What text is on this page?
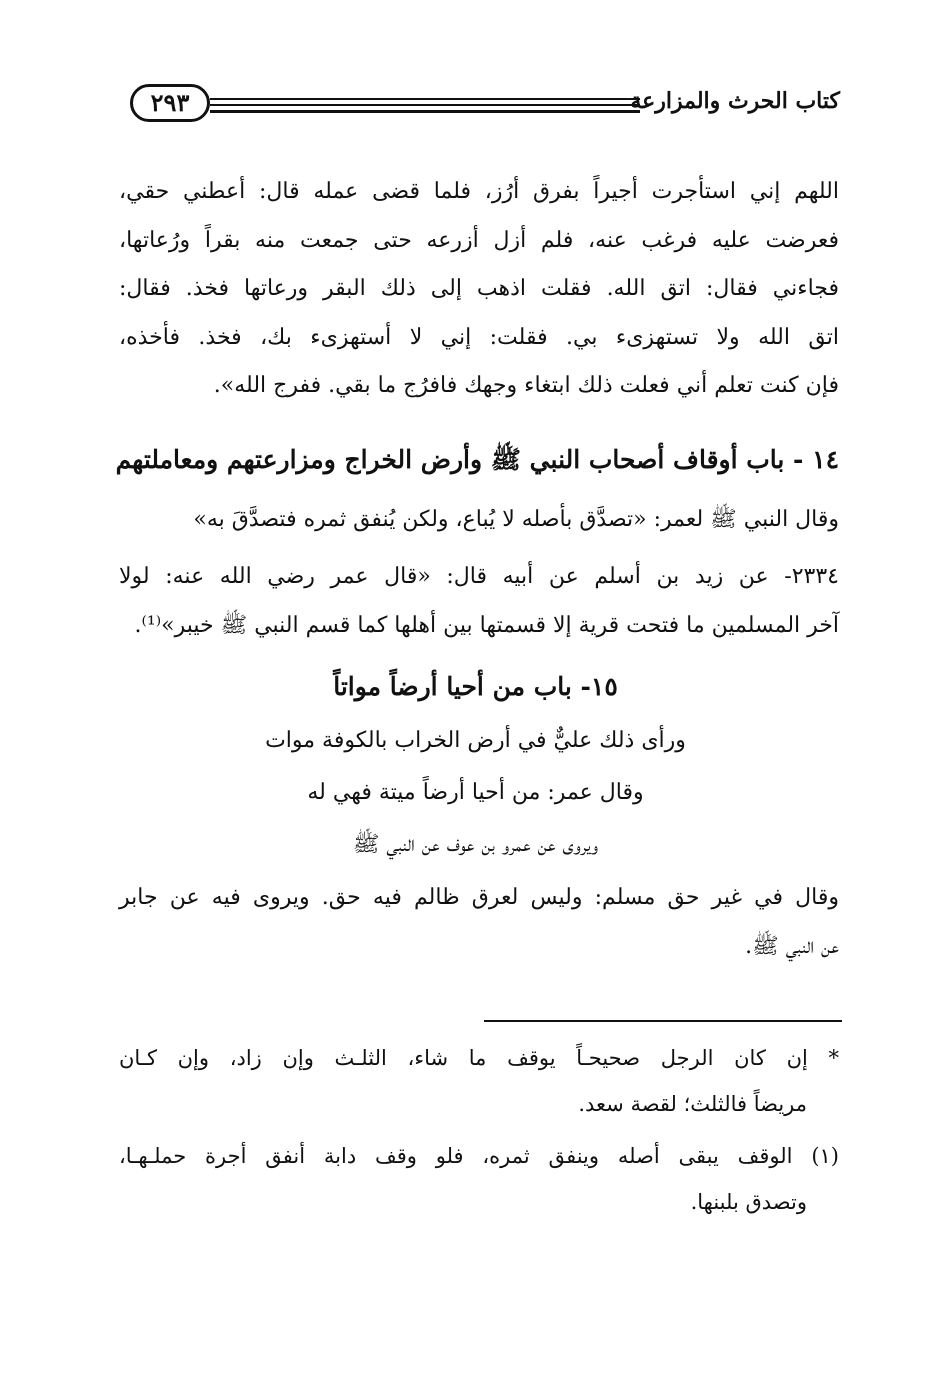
كتاب الحرث والمزارعة
٢٩٣
اللهم إني استأجرت أجيراً بفرق أرُز، فلما قضى عمله قال: أعطني حقي،
فعرضت عليه فرغب عنه، فلم أزل أزرعه حتى جمعت منه بقراً ورُعاتها،
فجاءني فقال: اتق الله. فقلت اذهب إلى ذلك البقر ورعاتها فخذ. فقال:
اتق الله ولا تستهزىء بي. فقلت: إني لا أستهزىء بك، فخذ. فأخذه،
فإن كنت تعلم أني فعلت ذلك ابتغاء وجهك فافرُج ما بقي. ففرج الله».
١٤ - باب أوقاف أصحاب النبي ﷺ وأرض الخراج ومزارعتهم ومعاملتهم
وقال النبي ﷺ لعمر: «تصدَّق بأصله لا يُباع، ولكن يُنفق ثمره فتصدَّقَ به»
٢٣٣٤- عن زيد بن أسلم عن أبيه قال: «قال عمر رضي الله عنه: لولا
آخر المسلمين ما فتحت قرية إلا قسمتها بين أهلها كما قسم النبي ﷺ خيبر»⁽¹⁾.
١٥- باب من أحيا أرضاً مواتاً
ورأى ذلك عليٌّ في أرض الخراب بالكوفة موات
وقال عمر: من أحيا أرضاً ميتة فهي له
ويروى عن عمرو بن عوف عن النبي ﷺ
وقال في غير حق مسلم: وليس لعرق ظالم فيه حق. ويروى فيه عن جابر
عن النبي ﷺ.
* إن كان الرجل صحيحـاً يوقف ما شاء، الثلـث وإن زاد، وإن كـان
مريضاً فالثلث؛ لقصة سعد.
(١) الوقف يبقى أصله وينفق ثمره، فلو وقف دابة أنفق أجرة حملـهـا،
وتصدق بلبنها.
